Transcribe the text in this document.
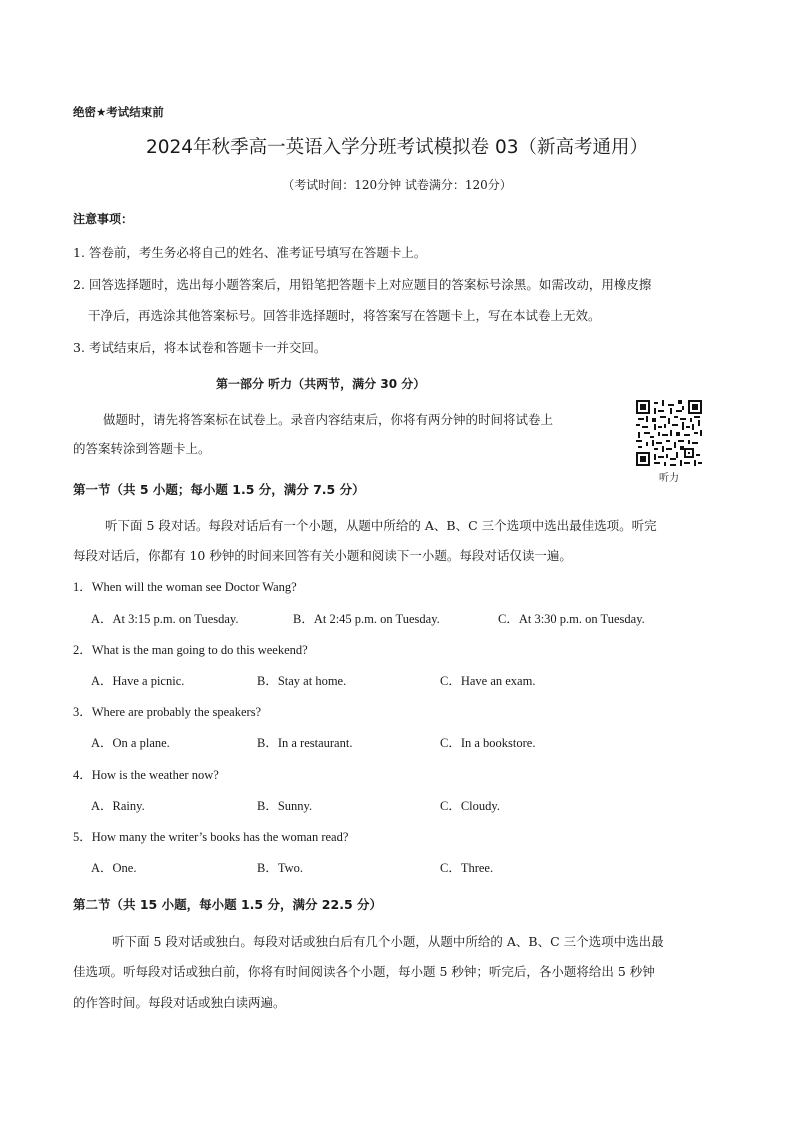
绝密★考试结束前
2024年秋季高一英语入学分班考试模拟卷 03（新高考通用）
（考试时间：120分钟 试卷满分：120分）
注意事项：
1. 答卷前，考生务必将自己的姓名、准考证号填写在答题卡上。
2. 回答选择题时，选出每小题答案后，用铅笔把答题卡上对应题目的答案标号涂黑。如需改动，用橡皮擦
干净后，再选涂其他答案标号。回答非选择题时，将答案写在答题卡上，写在本试卷上无效。
3. 考试结束后，将本试卷和答题卡一并交回。
第一部分 听力（共两节，满分 30 分）
做题时，请先将答案标在试卷上。录音内容结束后，你将有两分钟的时间将试卷上
的答案转涂到答题卡上。
听力
第一节（共 5 小题；每小题 1.5 分，满分 7.5 分）
听下面 5 段对话。每段对话后有一个小题，从题中所给的 A、B、C 三个选项中选出最佳选项。听完
每段对话后，你都有 10 秒钟的时间来回答有关小题和阅读下一小题。每段对话仅读一遍。
1．When will the woman see Doctor Wang?
A．At 3:15 p.m. on Tuesday.	B．At 2:45 p.m. on Tuesday.	C．At 3:30 p.m. on Tuesday.
2．What is the man going to do this weekend?
A．Have a picnic.	B．Stay at home.	C．Have an exam.
3．Where are probably the speakers?
A．On a plane.	B．In a restaurant.	C．In a bookstore.
4．How is the weather now?
A．Rainy.	B．Sunny.	C．Cloudy.
5．How many the writer’s books has the woman read?
A．One.	B．Two.	C．Three.
第二节（共 15 小题，每小题 1.5 分，满分 22.5 分）
听下面 5 段对话或独白。每段对话或独白后有几个小题，从题中所给的 A、B、C 三个选项中选出最
佳选项。听每段对话或独白前，你将有时间阅读各个小题，每小题 5 秒钟；听完后，各小题将给出 5 秒钟
的作答时间。每段对话或独白读两遍。
